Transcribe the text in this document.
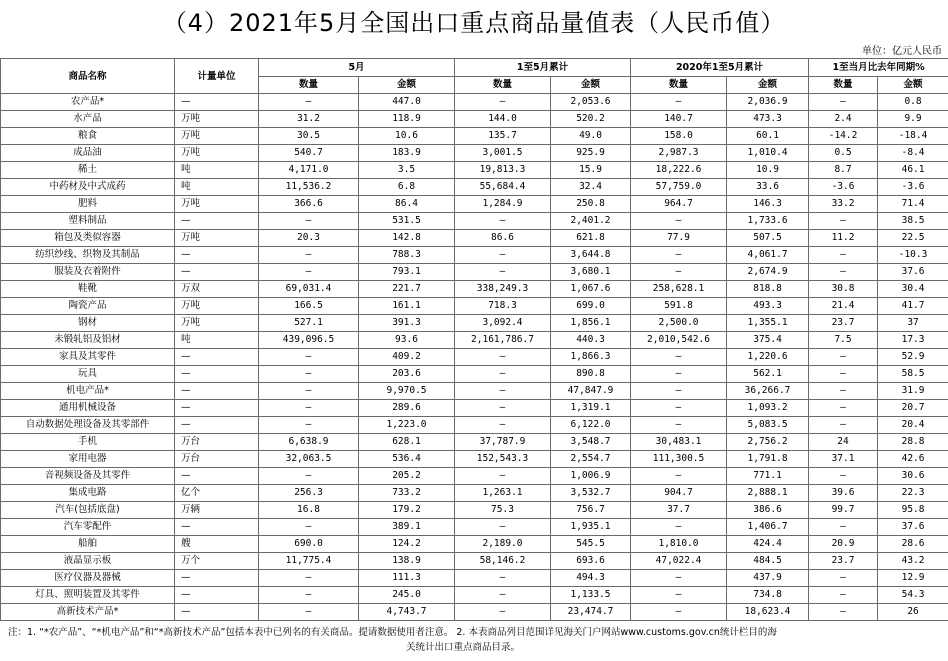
（4）2021年5月全国出口重点商品量值表（人民币值）
单位：亿元人民币
商品名称	计量单位	5月		1至5月累计		2020年1至5月累计		1至当月比去年同期%	
		数量	金额	数量	金额	数量	金额	数量	金额
农产品*	—	—	447.0	—	2,053.6	—	2,036.9	—	0.8
水产品	万吨	31.2	118.9	144.0	520.2	140.7	473.3	2.4	9.9
粮食	万吨	30.5	10.6	135.7	49.0	158.0	60.1	-14.2	-18.4
成品油	万吨	540.7	183.9	3,001.5	925.9	2,987.3	1,010.4	0.5	-8.4
稀土	吨	4,171.0	3.5	19,813.3	15.9	18,222.6	10.9	8.7	46.1
中药材及中式成药	吨	11,536.2	6.8	55,684.4	32.4	57,759.0	33.6	-3.6	-3.6
肥料	万吨	366.6	86.4	1,284.9	250.8	964.7	146.3	33.2	71.4
塑料制品	—	—	531.5	—	2,401.2	—	1,733.6	—	38.5
箱包及类似容器	万吨	20.3	142.8	86.6	621.8	77.9	507.5	11.2	22.5
纺织纱线、织物及其制品	—	—	788.3	—	3,644.8	—	4,061.7	—	-10.3
服装及衣着附件	—	—	793.1	—	3,680.1	—	2,674.9	—	37.6
鞋靴	万双	69,031.4	221.7	338,249.3	1,067.6	258,628.1	818.8	30.8	30.4
陶瓷产品	万吨	166.5	161.1	718.3	699.0	591.8	493.3	21.4	41.7
钢材	万吨	527.1	391.3	3,092.4	1,856.1	2,500.0	1,355.1	23.7	37
未锻轧铝及铝材	吨	439,096.5	93.6	2,161,786.7	440.3	2,010,542.6	375.4	7.5	17.3
家具及其零件	—	—	409.2	—	1,866.3	—	1,220.6	—	52.9
玩具	—	—	203.6	—	890.8	—	562.1	—	58.5
机电产品*	—	—	9,970.5	—	47,847.9	—	36,266.7	—	31.9
通用机械设备	—	—	289.6	—	1,319.1	—	1,093.2	—	20.7
自动数据处理设备及其零部件	—	—	1,223.0	—	6,122.0	—	5,083.5	—	20.4
手机	万台	6,638.9	628.1	37,787.9	3,548.7	30,483.1	2,756.2	24	28.8
家用电器	万台	32,063.5	536.4	152,543.3	2,554.7	111,300.5	1,791.8	37.1	42.6
音视频设备及其零件	—	—	205.2	—	1,006.9	—	771.1	—	30.6
集成电路	亿个	256.3	733.2	1,263.1	3,532.7	904.7	2,888.1	39.6	22.3
汽车(包括底盘)	万辆	16.8	179.2	75.3	756.7	37.7	386.6	99.7	95.8
汽车零配件	—	—	389.1	—	1,935.1	—	1,406.7	—	37.6
船舶	艘	690.0	124.2	2,189.0	545.5	1,810.0	424.4	20.9	28.6
液晶显示板	万个	11,775.4	138.9	58,146.2	693.6	47,022.4	484.5	23.7	43.2
医疗仪器及器械	—	—	111.3	—	494.3	—	437.9	—	12.9
灯具、照明装置及其零件	—	—	245.0	—	1,133.5	—	734.8	—	54.3
高新技术产品*	—	—	4,743.7	—	23,474.7	—	18,623.4	—	26
注：1. “*农产品”、“*机电产品”和“*高新技术产品”包括本表中已列名的有关商品。提请数据使用者注意。 2. 本表商品列目范围详见海关门户网站www.customs.gov.cn统计栏目的海
关统计出口重点商品目录。
